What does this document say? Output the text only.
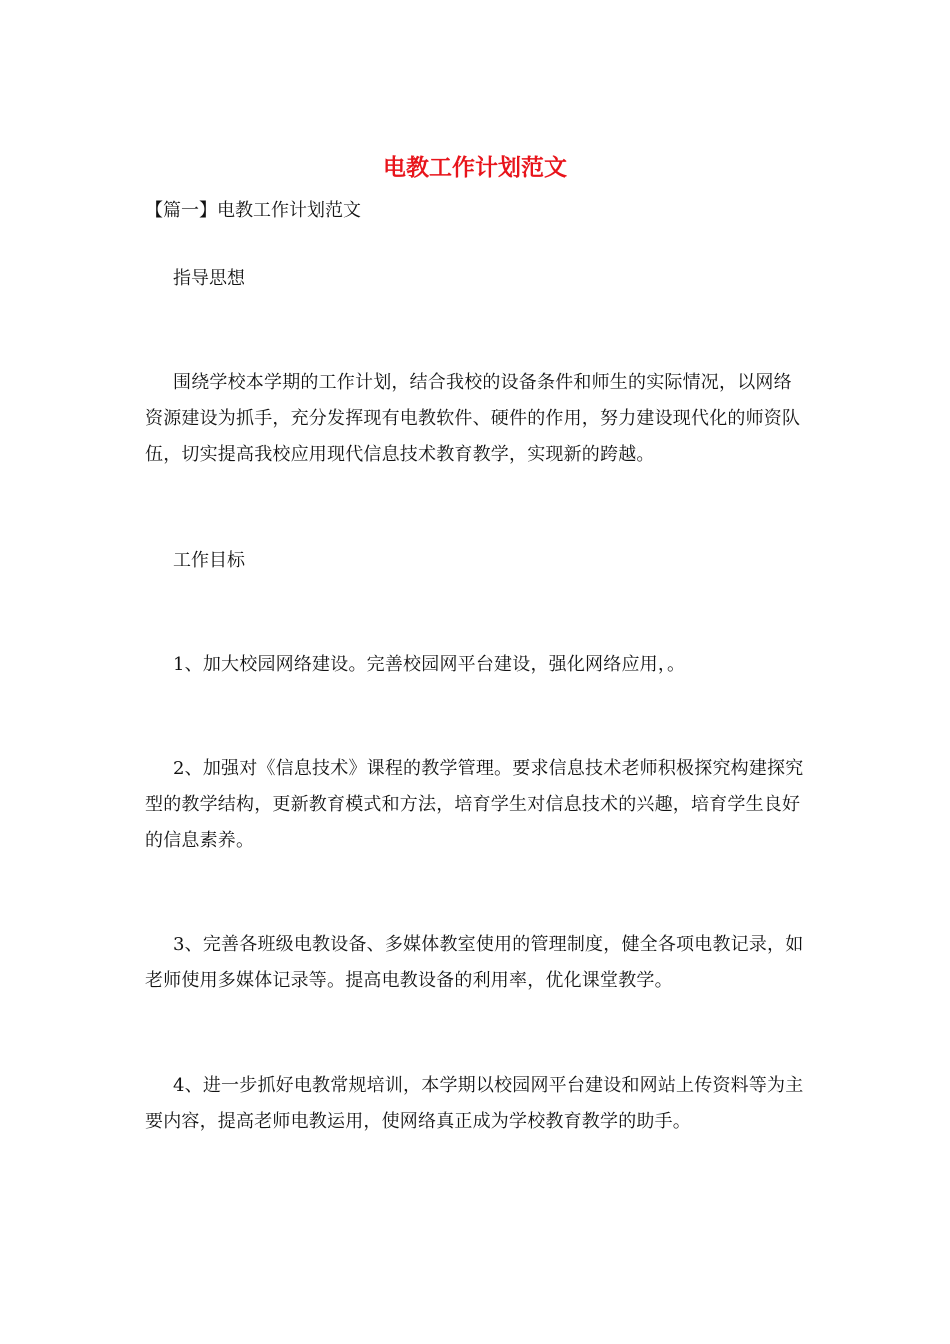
电教工作计划范文

【篇一】电教工作计划范文

指导思想

围绕学校本学期的工作计划，结合我校的设备条件和师生的实际情况，以网络资源建设为抓手，充分发挥现有电教软件、硬件的作用，努力建设现代化的师资队伍，切实提高我校应用现代信息技术教育教学，实现新的跨越。

工作目标

1、加大校园网络建设。完善校园网平台建设，强化网络应用，。

2、加强对《信息技术》课程的教学管理。要求信息技术老师积极探究构建探究型的教学结构，更新教育模式和方法，培育学生对信息技术的兴趣，培育学生良好的信息素养。

3、完善各班级电教设备、多媒体教室使用的管理制度，健全各项电教记录，如老师使用多媒体记录等。提高电教设备的利用率，优化课堂教学。

4、进一步抓好电教常规培训，本学期以校园网平台建设和网站上传资料等为主要内容，提高老师电教运用，使网络真正成为学校教育教学的助手。
